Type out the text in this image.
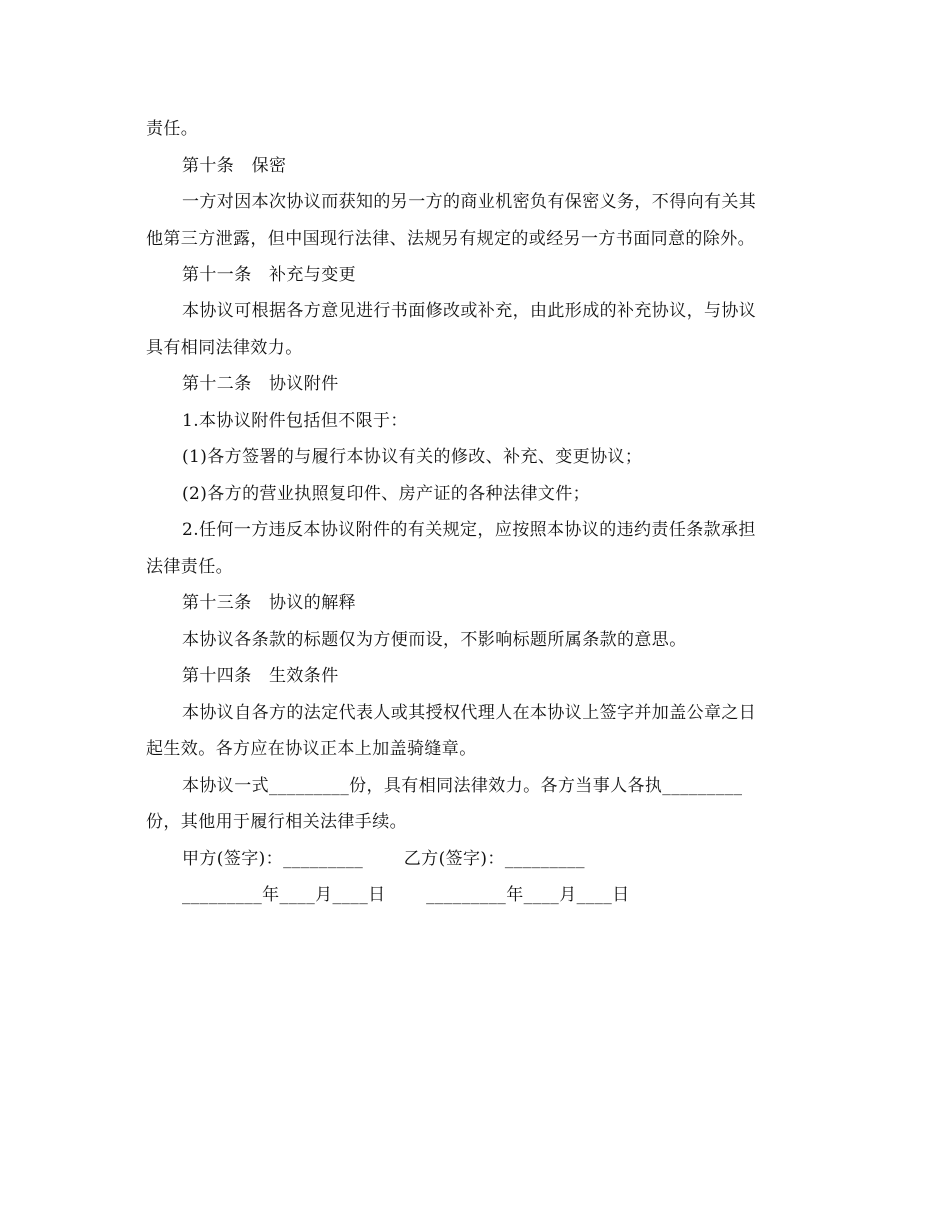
责任。
第十条　保密
一方对因本次协议而获知的另一方的商业机密负有保密义务，不得向有关其
他第三方泄露，但中国现行法律、法规另有规定的或经另一方书面同意的除外。
第十一条　补充与变更
本协议可根据各方意见进行书面修改或补充，由此形成的补充协议，与协议
具有相同法律效力。
第十二条　协议附件
1.本协议附件包括但不限于：
(1)各方签署的与履行本协议有关的修改、补充、变更协议；
(2)各方的营业执照复印件、房产证的各种法律文件；
2.任何一方违反本协议附件的有关规定，应按照本协议的违约责任条款承担
法律责任。
第十三条　协议的解释
本协议各条款的标题仅为方便而设，不影响标题所属条款的意思。
第十四条　生效条件
本协议自各方的法定代表人或其授权代理人在本协议上签字并加盖公章之日
起生效。各方应在协议正本上加盖骑缝章。
本协议一式_________份，具有相同法律效力。各方当事人各执_________
份，其他用于履行相关法律手续。
甲方(签字)：_________　　 乙方(签字)：_________
_________年____月____日　　 _________年____月____日
